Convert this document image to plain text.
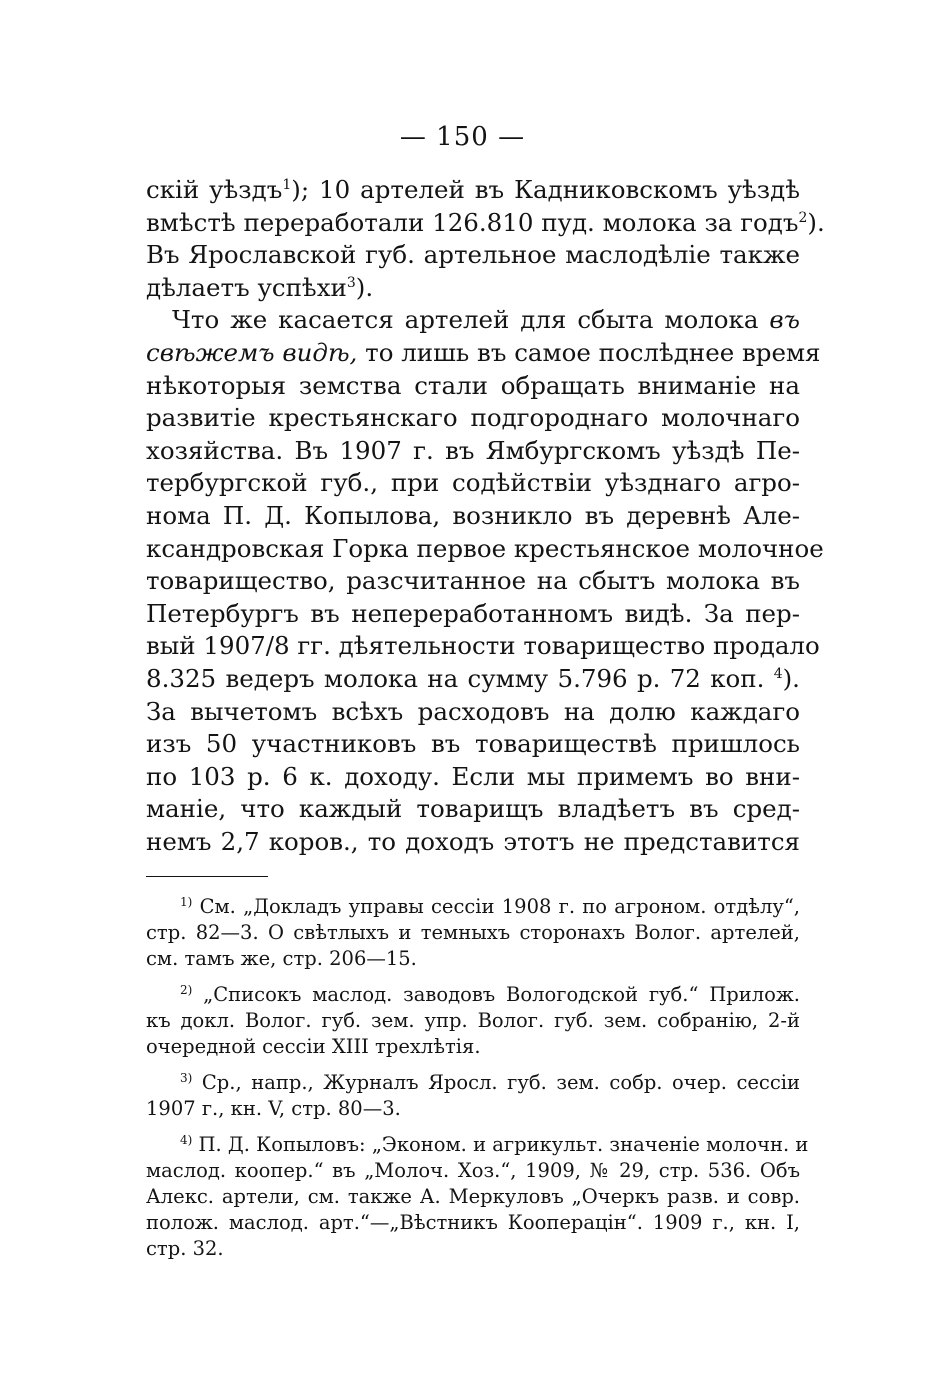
— 150 —
скій уѣздъ$^1$); 10 артелей въ Кадниковскомъ уѣздѣ
вмѣстѣ переработали 126.810 пуд. молока за годъ$^2$).
Въ Ярославской губ. артельное маслодѣліе также
дѣлаетъ успѣхи$^3$).
Что же касается артелей для сбыта молока въ
свѣжемъ видѣ, то лишь въ самое послѣднее время
нѣкоторыя земства стали обращать вниманіе на
развитіе крестьянскаго подгороднаго молочнаго
хозяйства. Въ 1907 г. въ Ямбургскомъ уѣздѣ Пе-
тербургской губ., при содѣйствіи уѣзднаго агро-
нома П. Д. Копылова, возникло въ деревнѣ Але-
ксандровская Горка первое крестьянское молочное
товарищество, разсчитанное на сбытъ молока въ
Петербургъ въ непереработанномъ видѣ. За пер-
вый 1907/8 гг. дѣятельности товарищество продало
8.325 ведеръ молока на сумму 5.796 р. 72 коп. $^4$).
За вычетомъ всѣхъ расходовъ на долю каждаго
изъ 50 участниковъ въ товариществѣ пришлось
по 103 р. 6 к. доходу. Если мы примемъ во вни-
маніе, что каждый товарищъ владѣетъ въ сред-
немъ 2,7 коров., то доходъ этотъ не представится
$^{1)}$ См. „Докладъ управы сессіи 1908 г. по агроном. отдѣлу“,
стр. 82—3. О свѣтлыхъ и темныхъ сторонахъ Волог. артелей,
см. тамъ же, стр. 206—15.
$^{2)}$ „Списокъ маслод. заводовъ Вологодской губ.“ Прилож.
къ докл. Волог. губ. зем. упр. Волог. губ. зем. собранію, 2-й
очередной сессіи XIII трехлѣтія.
$^{3)}$ Ср., напр., Журналъ Яросл. губ. зем. собр. очер. сессіи
1907 г., кн. V, стр. 80—3.
$^{4)}$ П. Д. Копыловъ: „Эконом. и агрикульт. значеніе молочн. и
маслод. коопер.“ въ „Молоч. Хоз.“, 1909, № 29, стр. 536. Объ
Алекс. артели, см. также А. Меркуловъ „Очеркъ разв. и совр.
полож. маслод. арт.“—„Вѣстникъ Кооперацін“. 1909 г., кн. I,
стр. 32.
